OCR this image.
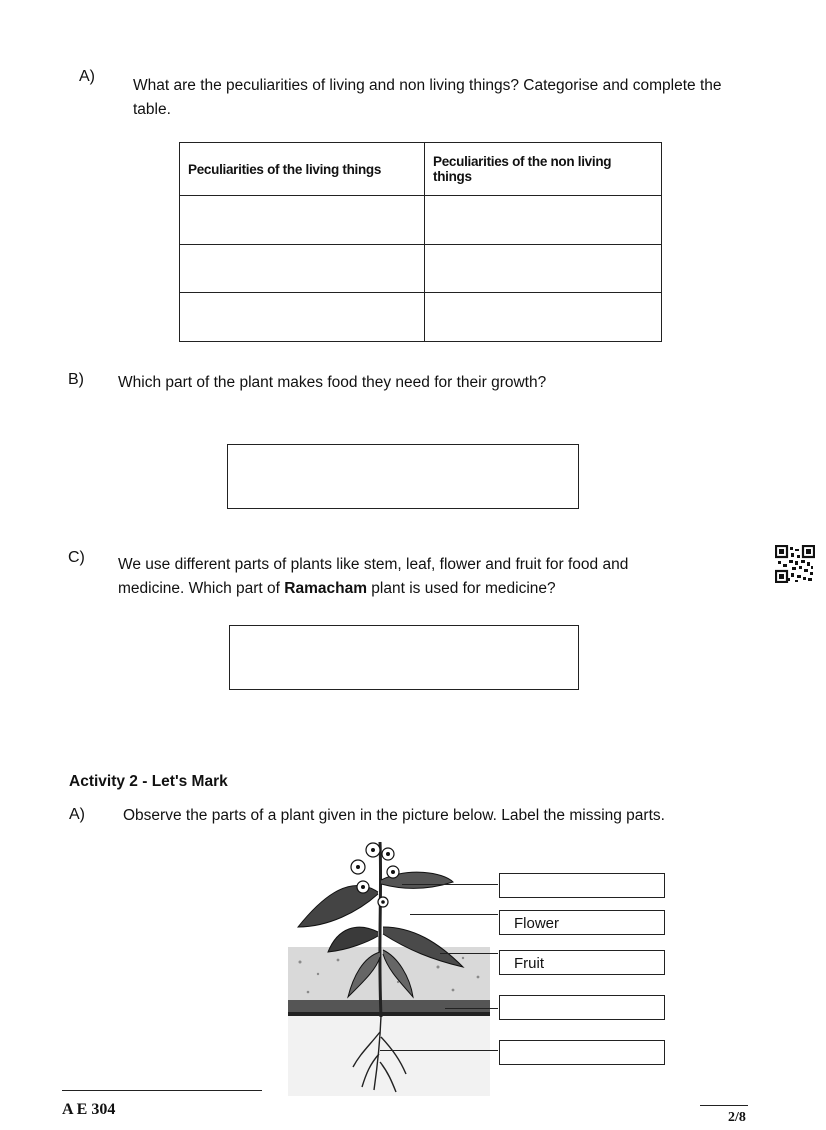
A)
What are the peculiarities of living and non living things? Categorise and complete the
table.
Peculiarities of the living things	Peculiarities of the non living things

B) Which part of the plant makes food they need for their growth?
C) We use different parts of plants like stem, leaf, flower and fruit for food and
medicine. Which part of Ramacham plant is used for medicine?
Activity 2 - Let's Mark
A) Observe the parts of a plant given in the picture below. Label the missing parts.
Flower
Fruit
A E 304	2/8
